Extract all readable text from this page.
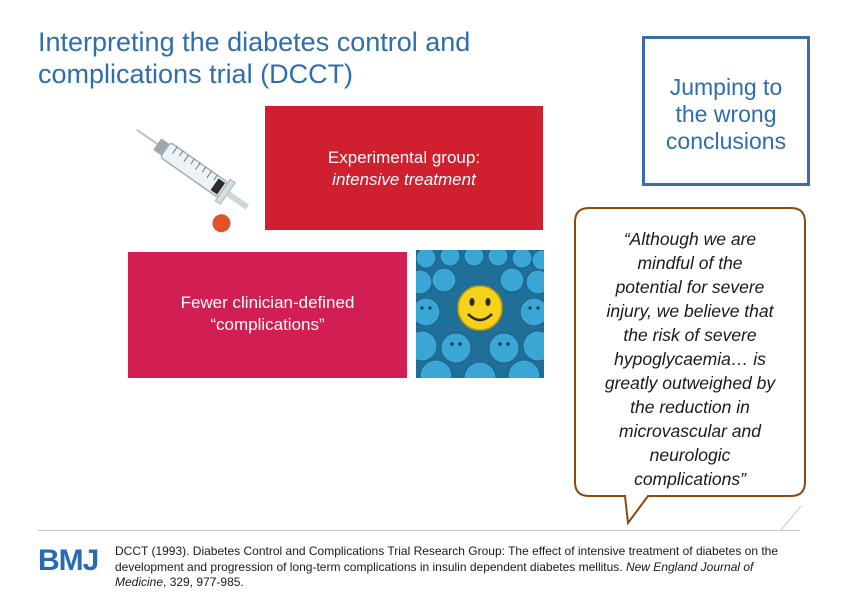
Interpreting the diabetes control and complications trial (DCCT)
Experimental group:
intensive treatment
Jumping to
the wrong
conclusions
Fewer clinician-defined
“complications”
“Although we are
mindful of the
potential for severe
injury, we believe that
the risk of severe
hypoglycaemia… is
greatly outweighed by
the reduction in
microvascular and
neurologic
complications”
BMJ DCCT (1993). Diabetes Control and Complications Trial Research Group: The effect of intensive treatment of diabetes on the development and progression of long-term complications in insulin dependent diabetes mellitus. New England Journal of Medicine, 329, 977-985.
